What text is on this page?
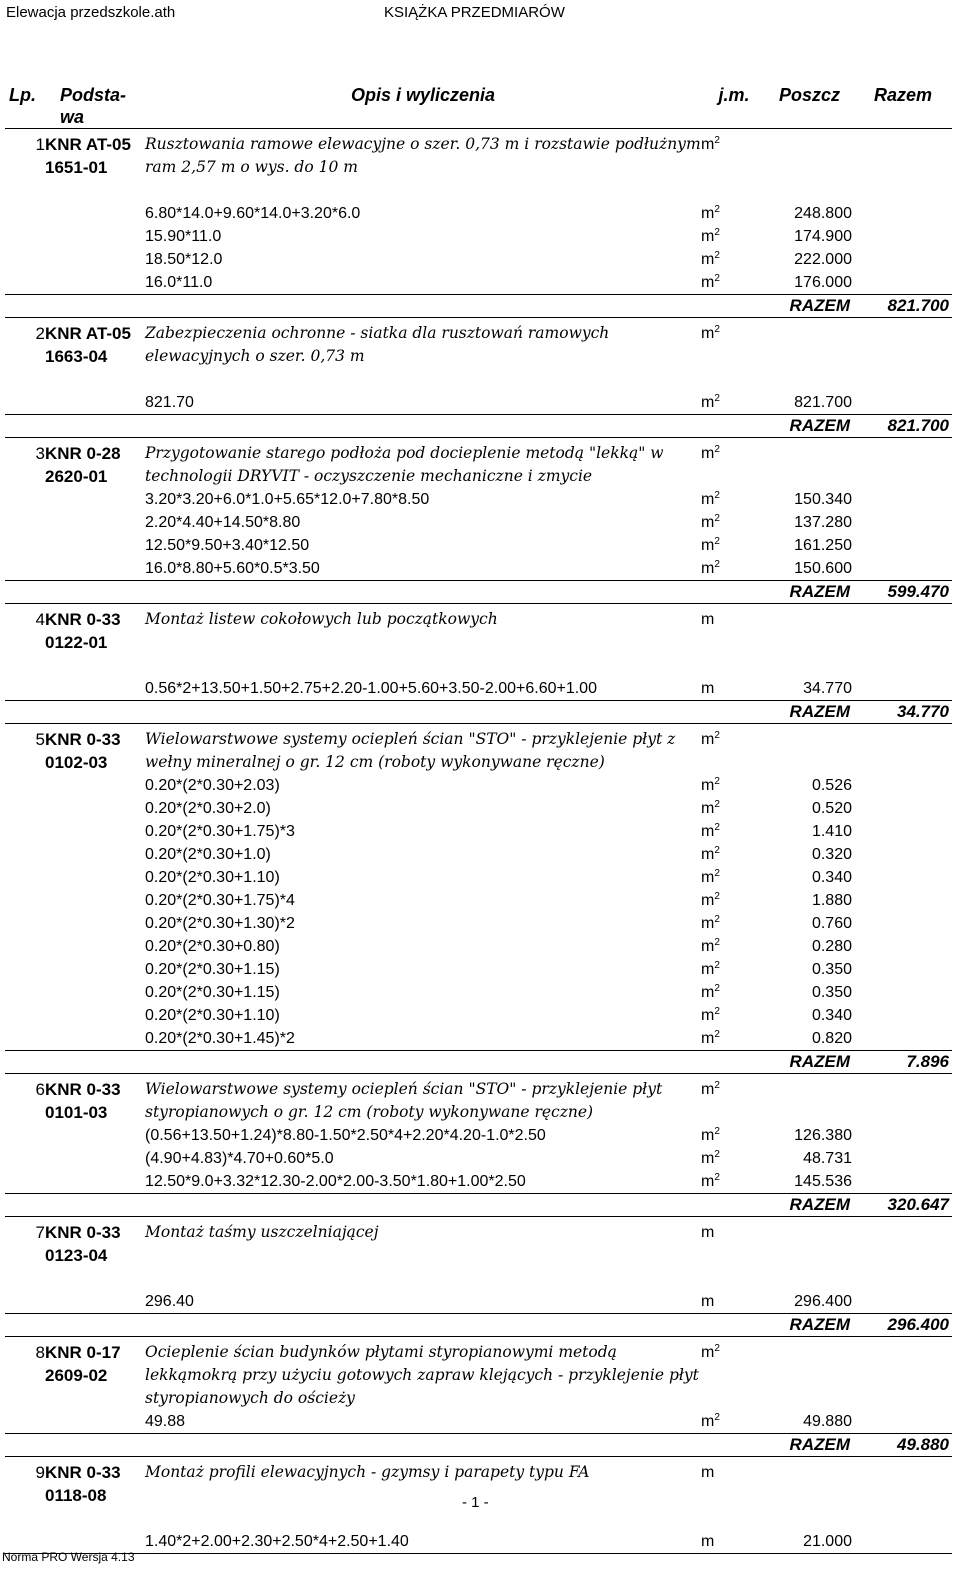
Elewacja przedszkole.ath	KSIĄŻKA PRZEDMIARÓW
Lp.	Podsta-wa	Opis i wyliczenia	j.m.	Poszcz	Razem
1	KNR AT-05 1651-01	Rusztowania ramowe elewacyjne o szer. 0,73 m i rozstawie podłużnym ram 2,57 m o wys. do 10 m	$m^2$		

		6.80*14.0+9.60*14.0+3.20*6.0	$m^2$	248.800	
		15.90*11.0	$m^2$	174.900	
		18.50*12.0	$m^2$	222.000	
		16.0*11.0	$m^2$	176.000	
				RAZEM	821.700
2	KNR AT-05 1663-04	Zabezpieczenia ochronne - siatka dla rusztowań ramowych elewacyjnych o szer. 0,73 m	$m^2$		

		821.70	$m^2$	821.700	
				RAZEM	821.700
3	KNR 0-28 2620-01	Przygotowanie starego podłoża pod docieplenie metodą "lekką" w technologii DRYVIT - oczyszczenie mechaniczne i zmycie	$m^2$		
		3.20*3.20+6.0*1.0+5.65*12.0+7.80*8.50	$m^2$	150.340	
		2.20*4.40+14.50*8.80	$m^2$	137.280	
		12.50*9.50+3.40*12.50	$m^2$	161.250	
		16.0*8.80+5.60*0.5*3.50	$m^2$	150.600	
				RAZEM	599.470
4	KNR 0-33 0122-01	Montaż listew cokołowych lub początkowych	m		

		0.56*2+13.50+1.50+2.75+2.20-1.00+5.60+3.50-2.00+6.60+1.00	m	34.770	
				RAZEM	34.770
5	KNR 0-33 0102-03	Wielowarstwowe systemy ociepleń ścian "STO" - przyklejenie płyt z wełny mineralnej o gr. 12 cm (roboty wykonywane ręczne)	$m^2$		
		0.20*(2*0.30+2.03)	$m^2$	0.526	
		0.20*(2*0.30+2.0)	$m^2$	0.520	
		0.20*(2*0.30+1.75)*3	$m^2$	1.410	
		0.20*(2*0.30+1.0)	$m^2$	0.320	
		0.20*(2*0.30+1.10)	$m^2$	0.340	
		0.20*(2*0.30+1.75)*4	$m^2$	1.880	
		0.20*(2*0.30+1.30)*2	$m^2$	0.760	
		0.20*(2*0.30+0.80)	$m^2$	0.280	
		0.20*(2*0.30+1.15)	$m^2$	0.350	
		0.20*(2*0.30+1.15)	$m^2$	0.350	
		0.20*(2*0.30+1.10)	$m^2$	0.340	
		0.20*(2*0.30+1.45)*2	$m^2$	0.820	
				RAZEM	7.896
6	KNR 0-33 0101-03	Wielowarstwowe systemy ociepleń ścian "STO" - przyklejenie płyt styropianowych o gr. 12 cm (roboty wykonywane ręczne)	$m^2$		
		(0.56+13.50+1.24)*8.80-1.50*2.50*4+2.20*4.20-1.0*2.50	$m^2$	126.380	
		(4.90+4.83)*4.70+0.60*5.0	$m^2$	48.731	
		12.50*9.0+3.32*12.30-2.00*2.00-3.50*1.80+1.00*2.50	$m^2$	145.536	
				RAZEM	320.647
7	KNR 0-33 0123-04	Montaż taśmy uszczelniającej	m		

		296.40	m	296.400	
				RAZEM	296.400
8	KNR 0-17 2609-02	Ocieplenie ścian budynków płytami styropianowymi metodą lekkąmokrą przy użyciu gotowych zapraw klejących - przyklejenie płyt styropianowych do ościeży	$m^2$		
		49.88	$m^2$	49.880	
				RAZEM	49.880
9	KNR 0-33 0118-08	Montaż profili elewacyjnych - gzymsy i parapety typu FA	m		

		1.40*2+2.00+2.30+2.50*4+2.50+1.40	m	21.000	

- 1 -
Norma PRO Wersja 4.13
